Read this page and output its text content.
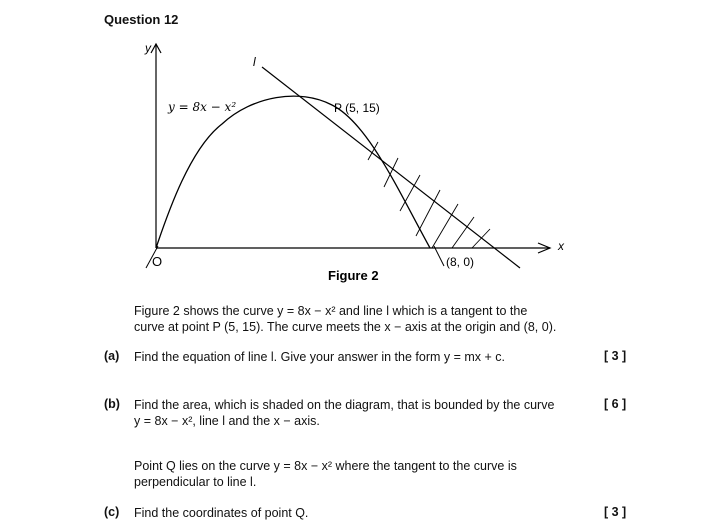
Question 12
y
x
l
y = 8x − x²	P (5, 15)
O	(8, 0)
Figure 2
Figure 2 shows the curve y = 8x − x² and line l which is a tangent to the
curve at point P (5, 15). The curve meets the x − axis at the origin and (8, 0).
(a) Find the equation of line l. Give your answer in the form y = mx + c.	[ 3 ]
(b) Find the area, which is shaded on the diagram, that is bounded by the curve
y = 8x − x², line l and the x − axis.
[ 6 ]
Point Q lies on the curve y = 8x − x² where the tangent to the curve is
perpendicular to line l.
(c) Find the coordinates of point Q.	[ 3 ]
